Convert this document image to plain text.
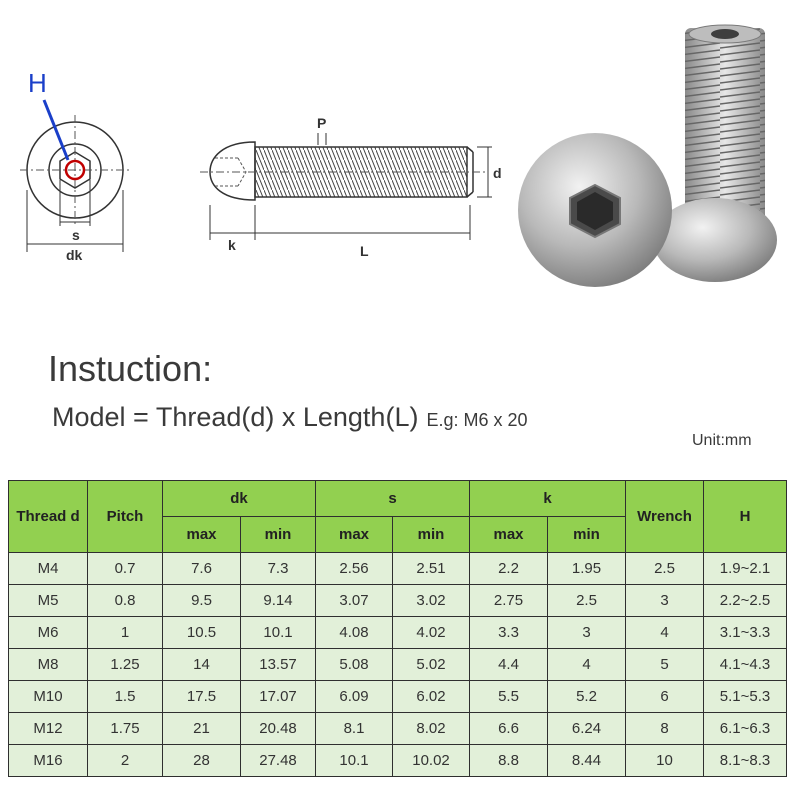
H
s
dk
P
d
k	L
Instuction:
Model = Thread(d) x Length(L) E.g: M6 x 20
Unit:mm
Thread d	Pitch	dk		s		k		Wrench	H
		max	min	max	min	max	min		
M4	0.7	7.6	7.3	2.56	2.51	2.2	1.95	2.5	1.9~2.1
M5	0.8	9.5	9.14	3.07	3.02	2.75	2.5	3	2.2~2.5
M6	1	10.5	10.1	4.08	4.02	3.3	3	4	3.1~3.3
M8	1.25	14	13.57	5.08	5.02	4.4	4	5	4.1~4.3
M10	1.5	17.5	17.07	6.09	6.02	5.5	5.2	6	5.1~5.3
M12	1.75	21	20.48	8.1	8.02	6.6	6.24	8	6.1~6.3
M16	2	28	27.48	10.1	10.02	8.8	8.44	10	8.1~8.3
